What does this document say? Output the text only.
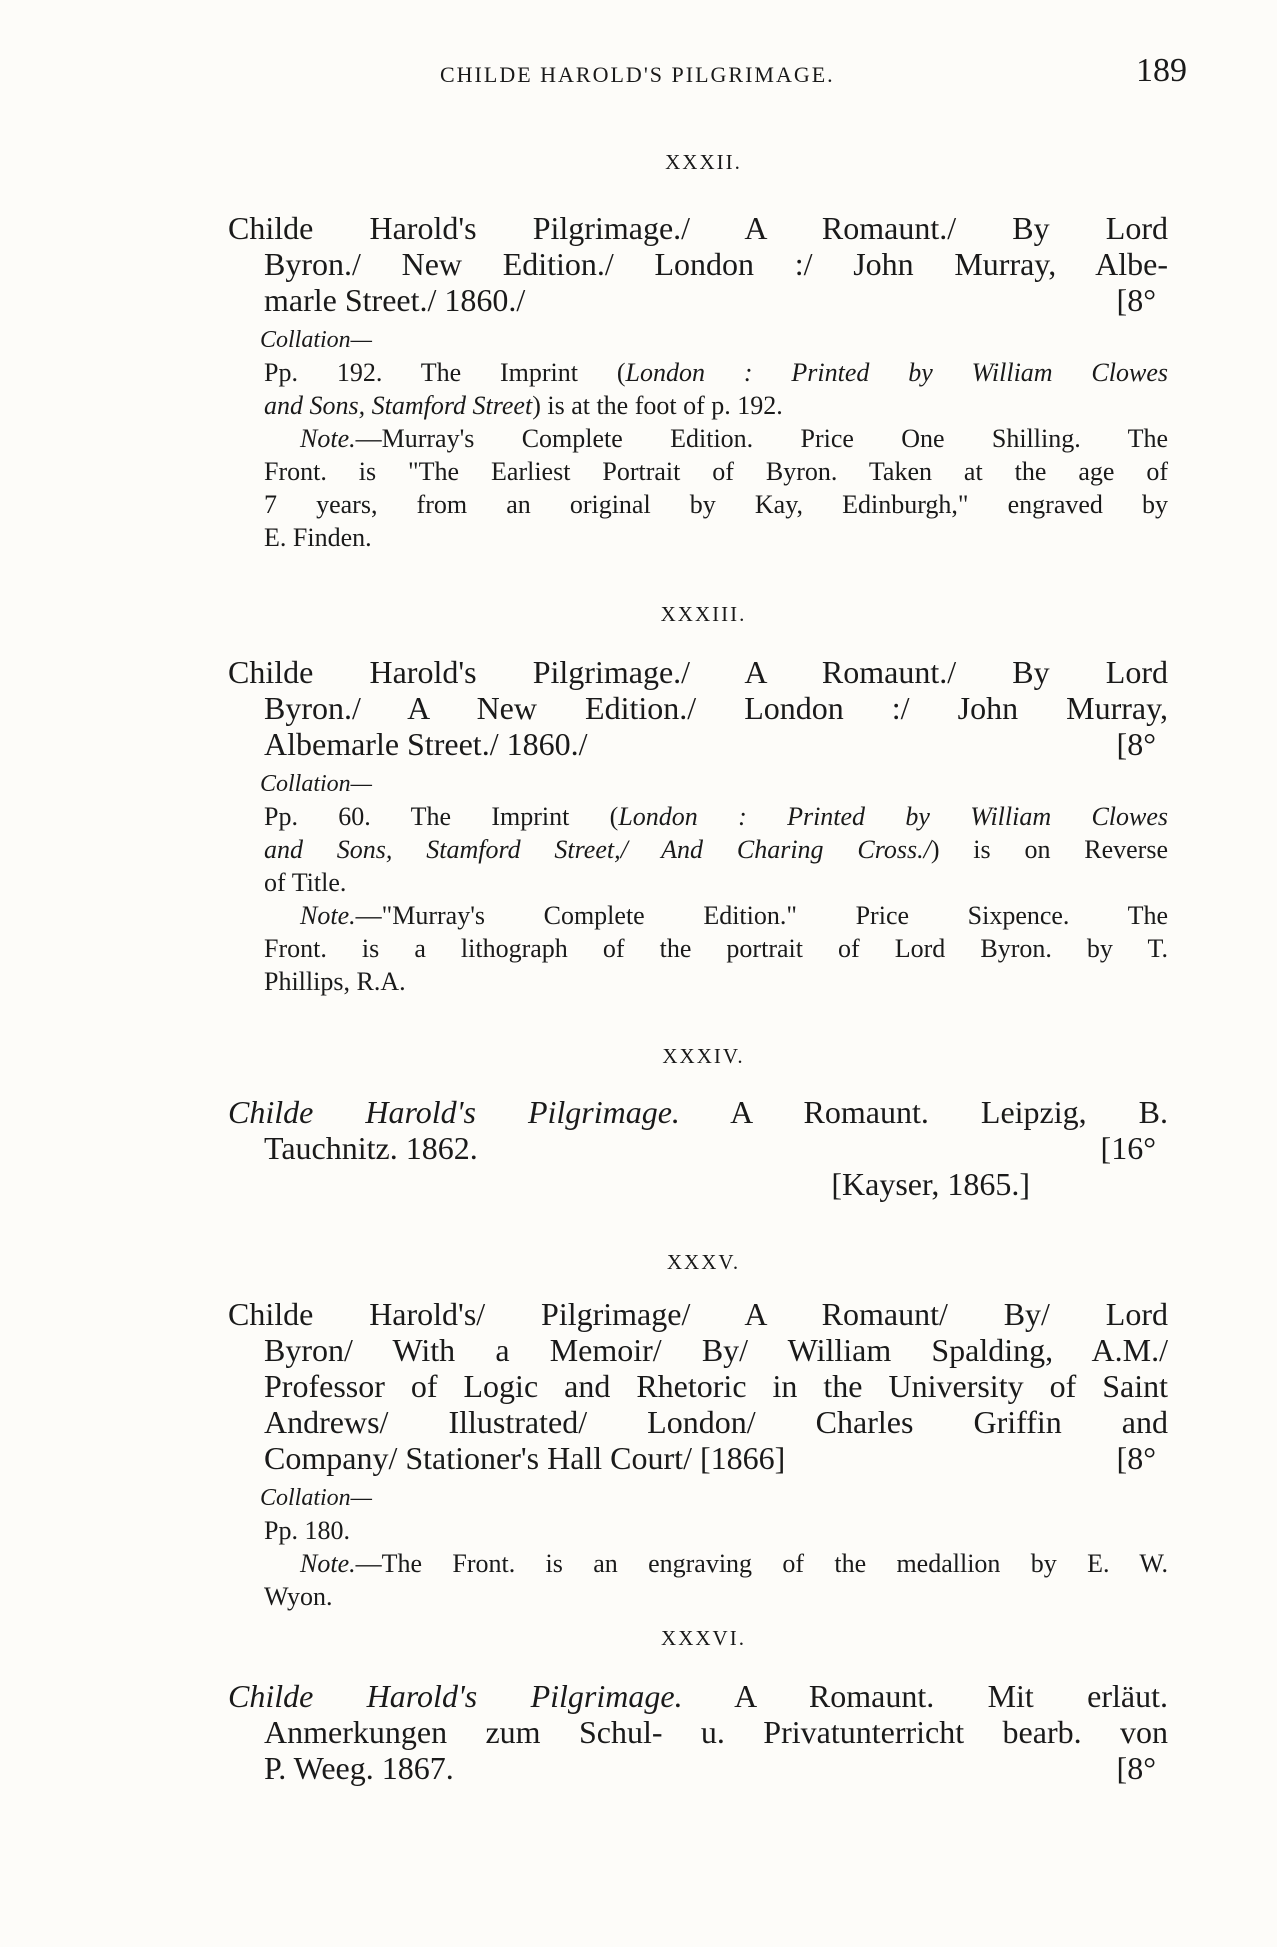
CHILDE HAROLD'S PILGRIMAGE.	189
XXXII.
Childe Harold's Pilgrimage./ A Romaunt./ By Lord
Byron./ New Edition./ London :/ John Murray, Albe-
marle Street./ 1860./	[8°
Collation—
Pp. 192. The Imprint (London : Printed by William Clowes
and Sons, Stamford Street) is at the foot of p. 192.
Note.—Murray's Complete Edition. Price One Shilling. The
Front. is "The Earliest Portrait of Byron. Taken at the age of
7 years, from an original by Kay, Edinburgh," engraved by
E. Finden.
XXXIII.
Childe Harold's Pilgrimage./ A Romaunt./ By Lord
Byron./ A New Edition./ London :/ John Murray,
Albemarle Street./ 1860./	[8°
Collation—
Pp. 60. The Imprint (London : Printed by William Clowes
and Sons, Stamford Street,/ And Charing Cross./) is on Reverse
of Title.
Note.—"Murray's Complete Edition." Price Sixpence. The
Front. is a lithograph of the portrait of Lord Byron. by T.
Phillips, R.A.
XXXIV.
Childe Harold's Pilgrimage. A Romaunt. Leipzig, B.
Tauchnitz. 1862.	[16°
[Kayser, 1865.]
XXXV.
Childe Harold's/ Pilgrimage/ A Romaunt/ By/ Lord
Byron/ With a Memoir/ By/ William Spalding, A.M./
Professor of Logic and Rhetoric in the University of Saint
Andrews/ Illustrated/ London/ Charles Griffin and
Company/ Stationer's Hall Court/ [1866]	[8°
Collation—
Pp. 180.
Note.—The Front. is an engraving of the medallion by E. W.
Wyon.
XXXVI.
Childe Harold's Pilgrimage. A Romaunt. Mit erläut.
Anmerkungen zum Schul- u. Privatunterricht bearb. von
P. Weeg. 1867.	[8°
